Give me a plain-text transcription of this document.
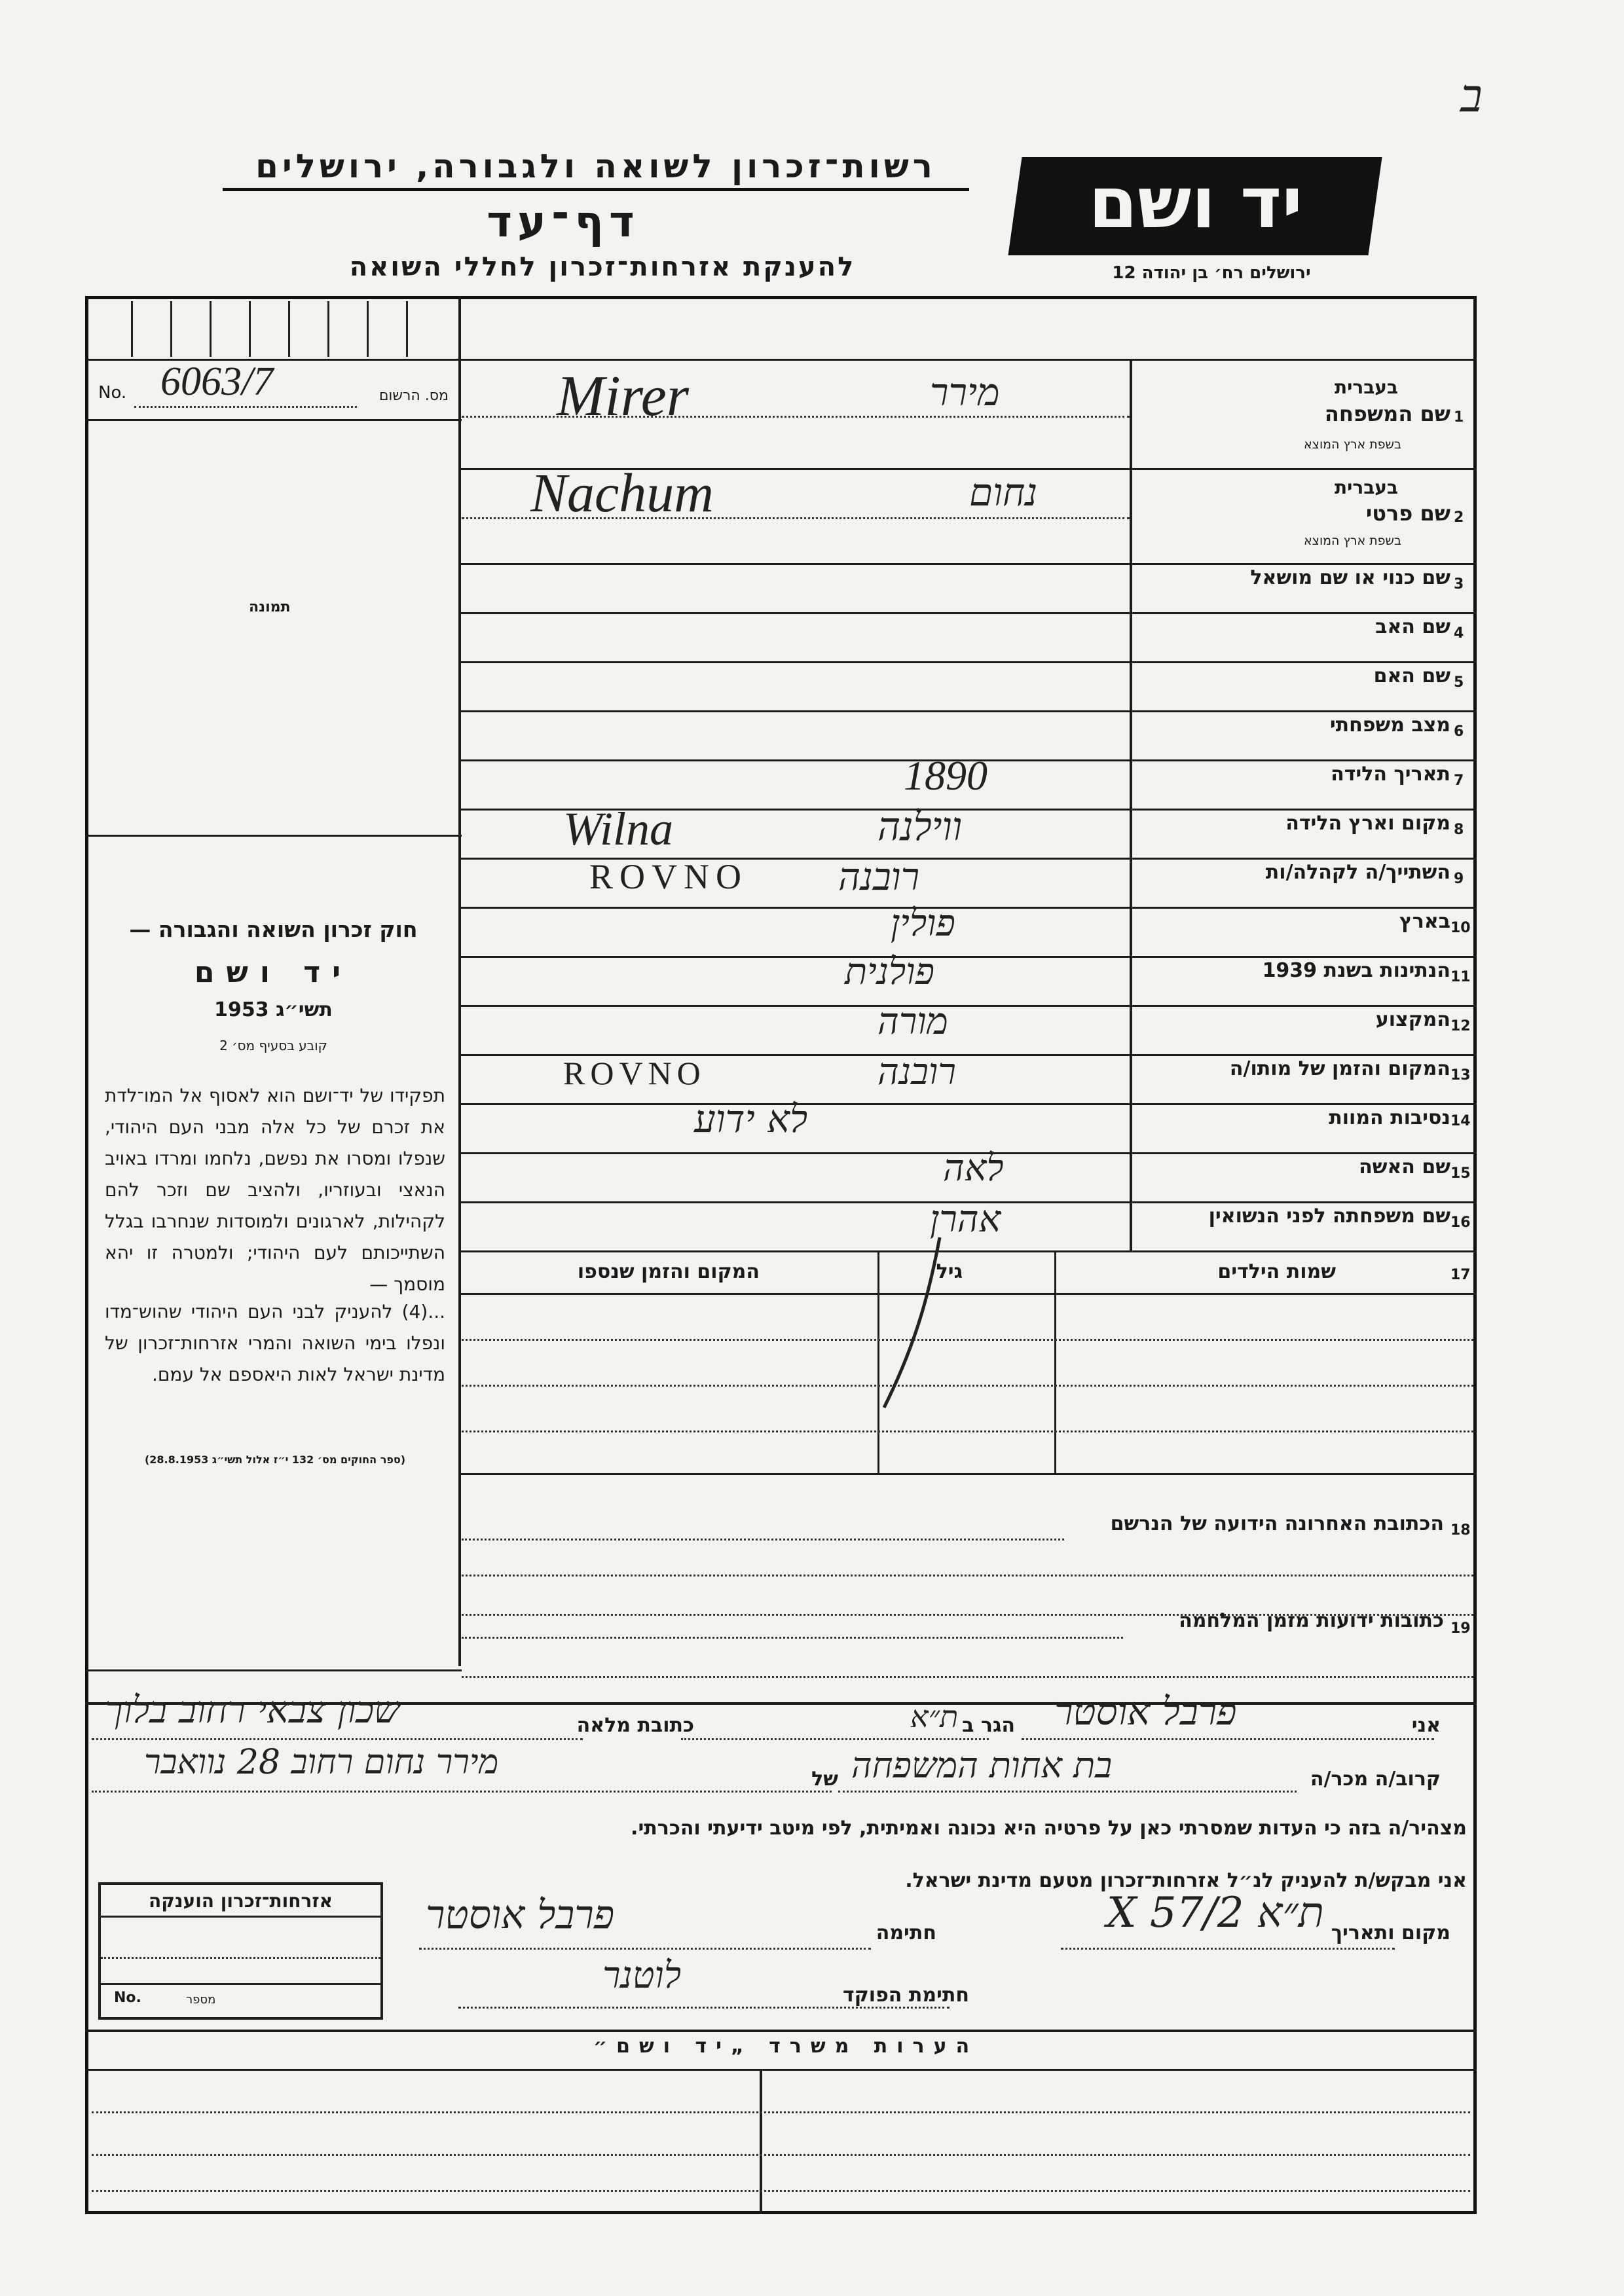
ב
רשות־זכרון לשואה ולגבורה, ירושלים
דף־עד
להענקת אזרחות־זכרון לחללי השואה
יד ושם
ירושלים רח׳ בן יהודה 12
No. 6063/7	מס. הרשום
תמונה
חוק זכרון השואה והגבורה —
יד ושם
תשי״ג 1953
קובע בסעיף מס׳ 2
תפקידו של יד־ושם הוא לאסוף אל המו־לדת את זכרם של כל אלה מבני העם היהודי, שנפלו ומסרו את נפשם, נלחמו ומרדו באויב הנאצי ובעוזריו, ולהציב שם וזכר להם לקהילות, לארגונים ולמוסדות שנחרבו בגלל השתייכותם לעם היהודי; ולמטרה זו יהא מוסמך —
...(4) להעניק לבני העם היהודי שהוש־מדו ונפלו בימי השואה והמרי אזרחות־זכרון של מדינת ישראל לאות היאספם אל עמם.
(ספר החוקים מס׳ 132 י״ז אלול תשי״ג 28.8.1953)
1
שם המשפחה
בעברית
בשפת ארץ המוצא
מירר
Mirer
2
שם פרטי
בעברית
בשפת ארץ המוצא
נחום
Nachum
3
שם כנוי או שם מושאל
4
שם האב
5
שם האם
6
מצב משפחתי
7
תאריך הלידה
1890
8
מקום וארץ הלידה
ווילנה
Wilna
9
השתייך/ה לקהלה/ות
רובנה
ROVNO
10
בארץ
פולין
11
הנתינות בשנת 1939
פולנית
12
המקצוע
מורה
13
המקום והזמן של מותו/ה
רובנה
ROVNO
14
נסיבות המוות
לא ידוע
15
שם האשה
לאה
16
שם משפחתה לפני הנשואין
אהרן
17
שמות הילדים
גיל
המקום והזמן שנספו
18
הכתובת האחרונה הידועה של הנרשם
19
כתובות ידועות מזמן המלחמה
אני
פרבל אוסטר
הגר ב
ת״א
כתובת מלאה
שכון צבאי רחוב בלוך
קרוב/ה מכר/ה
בת אחות המשפחה
של
מירר נחום רחוב 28 נוואבר
מצהיר/ה בזה כי העדות שמסרתי כאן על פרטיה היא נכונה ואמיתית, לפי מיטב ידיעתי והכרתי.
אני מבקש/ת להעניק לנ״ל אזרחות־זכרון מטעם מדינת ישראל.
אזרחות־זכרון הוענקה
No.	מספר
מקום ותאריך
ת״א 2/X 57
חתימה
פרבל אוסטר
חתימת הפוקד
לוטנר
הערות משרד „יד ושם״
